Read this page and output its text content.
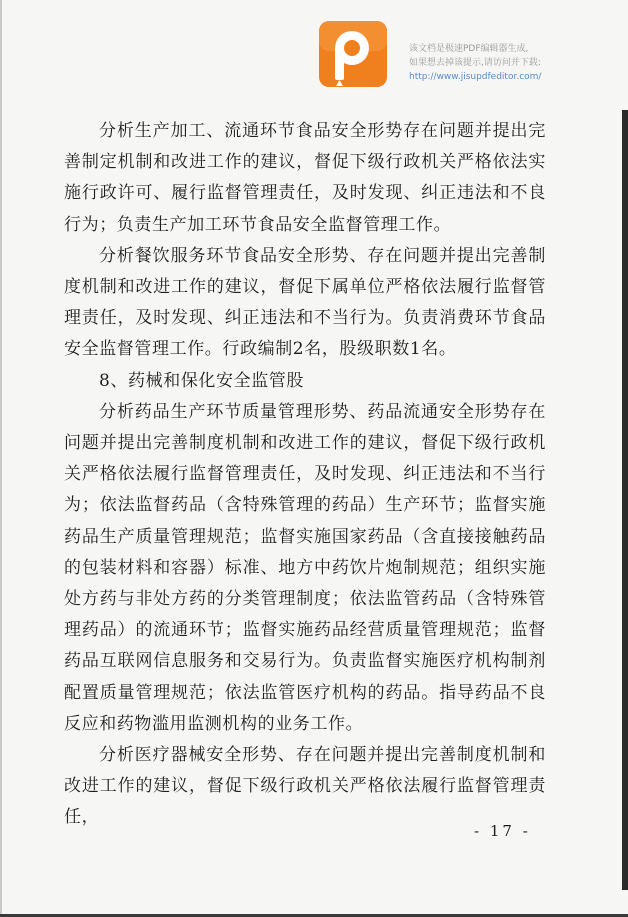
该文档是极速PDF编辑器生成,
如果想去掉该提示,请访问并下载:
http://www.jisupdfeditor.com/

分析生产加工、流通环节食品安全形势存在问题并提出完善制定机制和改进工作的建议，督促下级行政机关严格依法实施行政许可、履行监督管理责任，及时发现、纠正违法和不良行为；负责生产加工环节食品安全监督管理工作。

分析餐饮服务环节食品安全形势、存在问题并提出完善制度机制和改进工作的建议，督促下属单位严格依法履行监督管理责任，及时发现、纠正违法和不当行为。负责消费环节食品安全监督管理工作。行政编制2名，股级职数1名。

8、药械和保化安全监管股

分析药品生产环节质量管理形势、药品流通安全形势存在问题并提出完善制度机制和改进工作的建议，督促下级行政机关严格依法履行监督管理责任，及时发现、纠正违法和不当行为；依法监督药品（含特殊管理的药品）生产环节；监督实施药品生产质量管理规范；监督实施国家药品（含直接接触药品的包装材料和容器）标准、地方中药饮片炮制规范；组织实施处方药与非处方药的分类管理制度；依法监管药品（含特殊管理药品）的流通环节；监督实施药品经营质量管理规范；监督药品互联网信息服务和交易行为。负责监督实施医疗机构制剂配置质量管理规范；依法监管医疗机构的药品。指导药品不良反应和药物滥用监测机构的业务工作。

分析医疗器械安全形势、存在问题并提出完善制度机制和改进工作的建议，督促下级行政机关严格依法履行监督管理责任，

- 17 -
